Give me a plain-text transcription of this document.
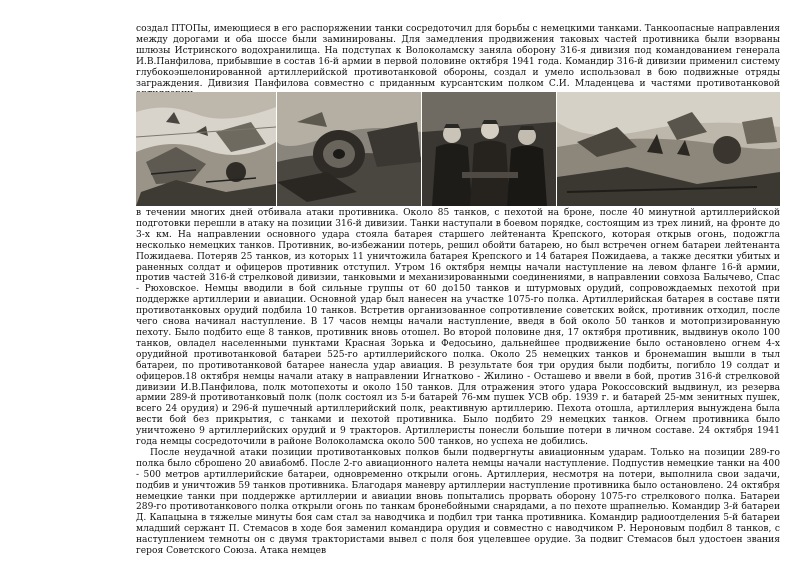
создал ПТОПы, имеющиеся в его распоряжении танки сосредоточил для борьбы с немецкими танками. Танкоопасные направления между дорогами и оба шоссе были заминированы. Для замедления продвижения таковых частей противника были взорваны шлюзы Истринского водохранилища. На подступах к Волоколамску заняла оборону 316-я дивизия под командованием генерала И.В.Панфилова, прибывшие в состав 16-й армии в первой половине октября 1941 года. Командир 316-й дивизии применил систему глубокоэшелонированной артиллерийской противотанковой обороны, создал и умело использовал в бою подвижные отряды заграждения. Дивизия Панфилова совместно с приданным курсантским полком С.И. Младенцева и частями противотанковой

в течении многих дней отбивала атаки противника. Около 85 танков, с пехотой на броне, после 40 минутной артиллерийской подготовки перешли в атаку на позиции 316-й дивизии. Танки наступали в боевом порядке, состоящим из трех линий, на фронте до 3-х км. На направлении основного удара стояла батарея старшего лейтенанта Крепского, которая открыв огонь, подожгла несколько немецких танков. Противник, во-избежании потерь, решил обойти батарею, но был встречен огнем батареи лейтенанта Пожидаева. Потеряв 25 танков, из которых 11 уничтожила батарея Крепского и 14 батарея Пожидаева, а также десятки убитых и раненных солдат и офицеров противник отступил. Утром 16 октября немцы начали наступление на левом фланге 16-й армии, против частей 316-й стрелковой дивизии, танковыми и механизированными соединениями, в направлении совхоза Балычево, Спас - Рюховское. Немцы вводили в бой сильные группы от 60 до150 танков и штурмовых орудий, сопровождаемых пехотой при поддержке артиллерии и авиации. Основной удар был нанесен на участке 1075-го полка. Артиллерийская батарея в составе пяти противотанковых орудий подбила 10 танков. Встретив организованное сопротивление советских войск, противник отходил, после чего снова начинал наступление. В 17 часов немцы начали наступление, введя в бой около 50 танков и мотопризированную пехоту. Было подбито еще 8 танков, противник вновь отошел. Во второй половине дня, 17 октября противник, выдвинув около 100 танков, овладел населенными пунктами Красная Зорька и Федосьино, дальнейшее продвижение было остановлено огнем 4-х орудийной противотанковой батареи 525-го артиллерийского полка. Около 25 немецких танков и бронемашин вышли в тыл батареи, по противотанковой батарее нанесла удар авиация. В результате боя три орудия были подбиты, погибло 19 солдат и офицеров.18 октября немцы начали атаку в направлении Игнатково - Жилино - Осташево и ввели в бой, против 316-й стрелковой дивизии И.В.Панфилова, полк мотопехоты и около 150 танков. Для отражения этого удара Рокоссовский выдвинул, из резерва армии 289-й противотанковый полк (полк состоял из 5-и батарей 76-мм пушек УСВ обр. 1939 г. и батарей 25-мм зенитных пушек, всего 24 орудия) и 296-й пушечный артиллерийский полк, реактивную артиллерию. Пехота отошла, артиллерия вынуждена была вести бой без прикрытия, с танками и пехотой противника. Было подбито 29 немецких танков. Огнем противника было уничтожено 9 артиллерийских орудий и 9 тракторов. Артиллеристы понесли большие потери в личном составе. 24 октября 1941 года немцы сосредоточили в районе Волоколамска около 500 танков, но успеха не добились.

После неудачной атаки позиции противотанковых полков были подвергнуты авиационным ударам. Только на позиции 289-го полка было сброшено 20 авиабомб. После 2-го авиационного налета немцы начали наступление. Подпустив немецкие танки на 400 - 500 метров артиллерийские батареи, одновременно открыли огонь. Артиллерия, несмотря на потери, выполнила свои задачи, подбив и уничтожив 59 танков противника. Благодаря маневру артиллерии наступление противника было остановлено. 24 октября немецкие танки при поддержке артиллерии и авиации вновь попытались прорвать оборону 1075-го стрелкового полка. Батареи 289-го противотанкового полка открыли огонь по танкам бронебойными снарядами, а по пехоте шрапнелью. Командир 3-й батареи Д. Капацына в тяжелые минуты боя сам стал за наводчика и подбил три танка противника. Командир радиоотделения 5-й батареи младший сержант П. Стемасов в ходе боя заменил командира орудия и совместно с наводчиком Р. Нероновым подбил 8 танков, с наступлением темноты он с двумя трактористами вывел с поля боя уцелевшее орудие. За подвиг Стемасов был удостоен звания героя Советского Союза. Атака немцев
